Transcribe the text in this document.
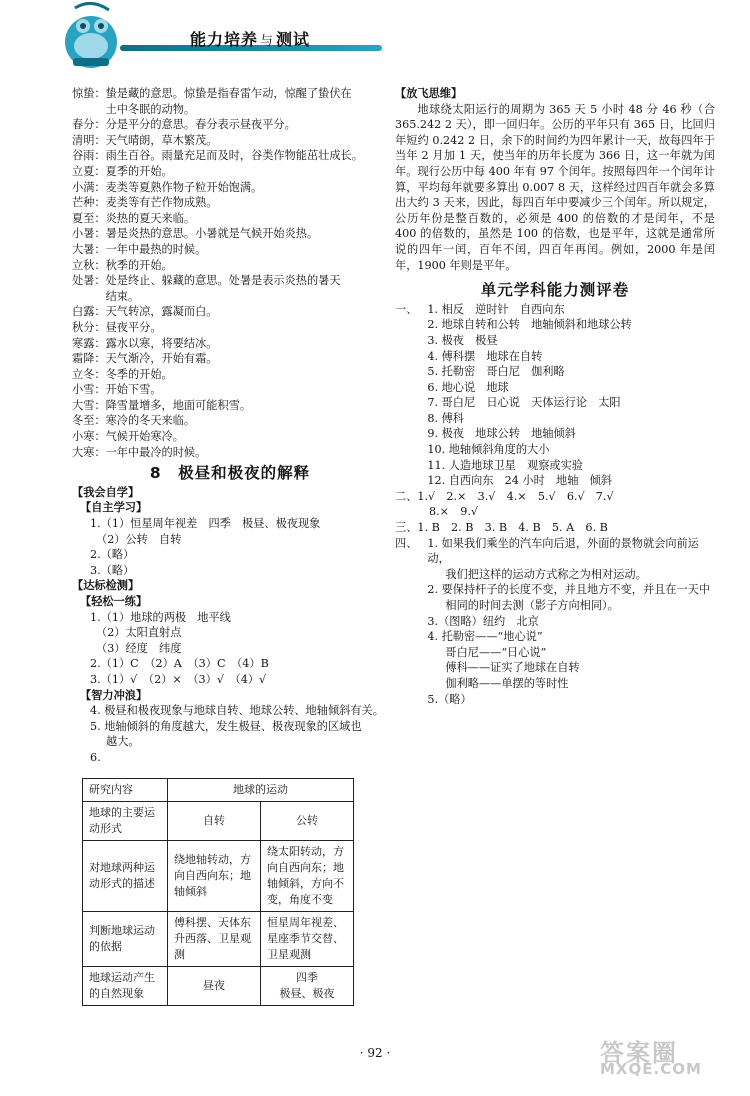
能力培养 与 测试
惊蛰： 蛰是藏的意思。惊蛰是指春雷乍动，惊醒了蛰伏在
土中冬眠的动物。
春分： 分是平分的意思。春分表示昼夜平分。
清明： 天气晴朗，草木繁茂。
谷雨： 雨生百谷。雨量充足而及时，谷类作物能茁壮成长。
立夏： 夏季的开始。
小满： 麦类等夏熟作物子粒开始饱满。
芒种： 麦类等有芒作物成熟。
夏至： 炎热的夏天来临。
小暑： 暑是炎热的意思。小暑就是气候开始炎热。
大暑： 一年中最热的时候。
立秋： 秋季的开始。
处暑： 处是终止、躲藏的意思。处暑是表示炎热的暑天
结束。
白露： 天气转凉，露凝而白。
秋分： 昼夜平分。
寒露： 露水以寒，将要结冰。
霜降： 天气渐冷，开始有霜。
立冬： 冬季的开始。
小雪： 开始下雪。
大雪： 降雪量增多，地面可能积雪。
冬至： 寒冷的冬天来临。
小寒： 气候开始寒冷。
大寒： 一年中最冷的时候。
8　极昼和极夜的解释
【我会自学】
【自主学习】
1.（1）恒星周年视差　四季　极昼、极夜现象
（2）公转　自转
2.（略）
3.（略）
【达标检测】
【轻松一练】
1.（1）地球的两极　地平线
（2）太阳直射点
（3）经度　纬度
2.（1）C　（2）A　（3）C　（4）B
3.（1）√　（2）×　（3）√　（4）√
【智力冲浪】
4. 极昼和极夜现象与地球自转、地球公转、地轴倾斜有关。
5. 地轴倾斜的角度越大，发生极昼、极夜现象的区域也
越大。
6.
研究内容	地球的运动	
地球的主要运动形式	自转	公转
对地球两种运动形式的描述	绕地轴转动，方向自西向东；地轴倾斜	绕太阳转动，方向自西向东；地轴倾斜，方向不变，角度不变
判断地球运动的依据	傅科摆、天体东升西落、卫星观测	恒星周年视差、星座季节交替、卫星观测
地球运动产生的自然现象	昼夜	四季
极昼、极夜
【放飞思维】
地球绕太阳运行的周期为 365 天 5 小时 48 分 46 秒（合 365.242 2 天），即一回归年。公历的平年只有 365 日，比回归年短约 0.242 2 日，余下的时间约为四年累计一天，故每四年于当年 2 月加 1 天，使当年的历年长度为 366 日，这一年就为闰年。现行公历中每 400 年有 97 个闰年。按照每四年一个闰年计算，平均每年就要多算出 0.007 8 天，这样经过四百年就会多算出大约 3 天来，因此，每四百年中要减少三个闰年。所以规定，公历年份是整百数的，必须是 400 的倍数的才是闰年，不是 400 的倍数的，虽然是 100 的倍数，也是平年，这就是通常所说的四年一闰，百年不闰，四百年再闰。例如，2000 年是闰年，1900 年则是平年。
单元学科能力测评卷
一、 1. 相反　逆时针　自西向东
2. 地球自转和公转　地轴倾斜和地球公转
3. 极夜　极昼
4. 傅科摆　地球在自转
5. 托勒密　哥白尼　伽利略
6. 地心说　地球
7. 哥白尼　日心说　天体运行论　太阳
8. 傅科
9. 极夜　地球公转　地轴倾斜
10. 地轴倾斜角度的大小
11. 人造地球卫星　观察或实验
12. 自西向东　24 小时　地轴　倾斜
二、1.√　2.×　3.√　4.×　5.√　6.√　7.√
8.×　9.√
三、1. B　2. B　3. B　4. B　5. A　6. B
四、 1. 如果我们乘坐的汽车向后退，外面的景物就会向前运动，
我们把这样的运动方式称之为相对运动。
2. 要保持杆子的长度不变，并且地方不变，并且在一天中
相同的时间去测（影子方向相同）。
3.（图略）纽约　北京
4. 托勒密——“地心说”
哥白尼——“日心说”
傅科——证实了地球在自转
伽利略——单摆的等时性
5.（略）
· 92 ·	答案圈
MXQE.COM
